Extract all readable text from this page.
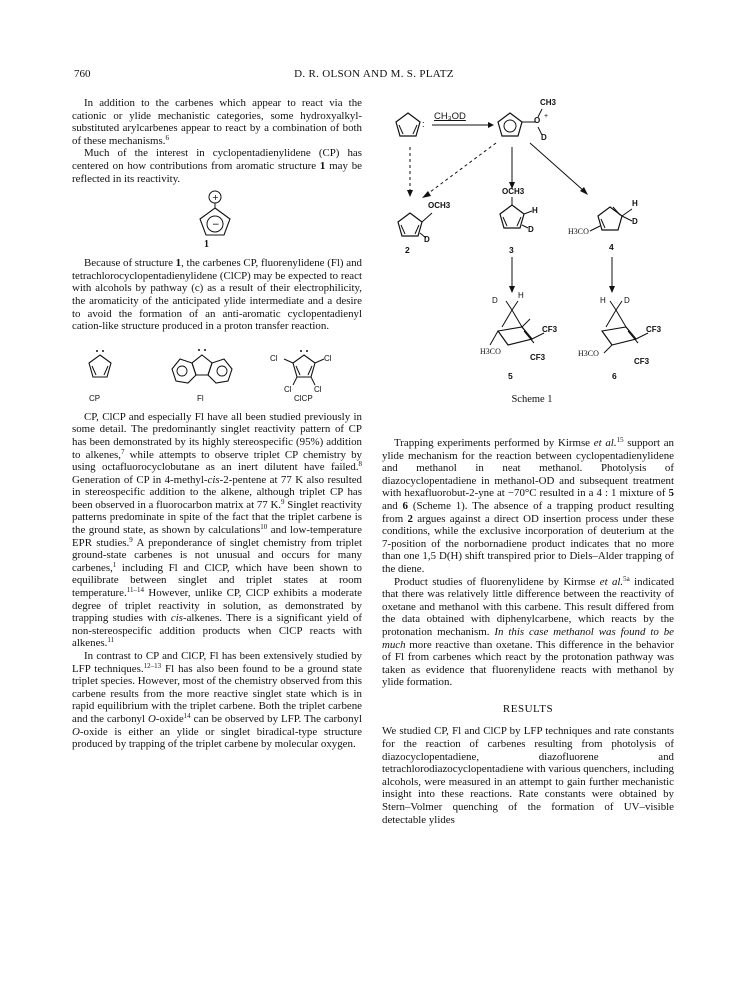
760	D. R. OLSON AND M. S. PLATZ

In addition to the carbenes which appear to react via the cationic or ylide mechanistic categories, some hydroxyalkyl-substituted arylcarbenes appear to react by a combination of both of these mechanisms.$^6$

Much of the interest in cyclopentadienylidene (CP) has centered on how contributions from aromatic structure 1 may be reflected in its reactivity.

+
−
1

Because of structure 1, the carbenes CP, fluorenylidene (Fl) and tetrachlorocyclopentadienylidene (ClCP) may be expected to react with alcohols by pathway (c) as a result of their electrophilicity, the aromaticity of the anticipated ylide intermediate and a desire to avoid the formation of an anti-aromatic cyclopentadienyl cation-like structure produced in a proton transfer reaction.

Cl	Cl
Cl	Cl
CP	Fl	ClCP

CP, ClCP and especially Fl have all been studied previously in some detail. The predominantly singlet reactivity pattern of CP has been demonstrated by its highly stereospecific (95%) addition to alkenes,$^7$ while attempts to observe triplet CP chemistry by using octafluorocyclobutane as an inert dilutent have failed.$^8$ Generation of CP in 4-methyl-cis-2-pentene at 77 K also resulted in stereospecific addition to the alkene, although triplet CP has been observed in a fluorocarbon matrix at 77 K.$^9$ Singlet reactivity patterns predominate in spite of the fact that the triplet carbene is the ground state, as shown by calculations$^{10}$ and low-temperature EPR studies.$^9$ A preponderance of singlet chemistry from triplet ground-state carbenes is not unusual and occurs for many carbenes,$^1$ including Fl and ClCP, which have been shown to equilibrate between singlet and triplet states at room temperature.$^{11-14}$ However, unlike CP, ClCP exhibits a moderate degree of triplet reactivity in solution, as demonstrated by trapping studies with cis-alkenes. There is a significant yield of non-stereospecific addition products when ClCP reacts with alkenes.$^{11}$

In contrast to CP and ClCP, Fl has been extensively studied by LFP techniques.$^{12-13}$ Fl has also been found to be a ground state triplet species. However, most of the chemistry observed from this carbene results from the more reactive singlet state which is in rapid equilibrium with the triplet carbene. Both the triplet carbene and the carbonyl O-oxide$^{14}$ can be observed by LFP. The carbonyl O-oxide is either an ylide or singlet biradical-type structure produced by trapping of the triplet carbene by molecular oxygen.

:
CH₃OD
CH3
O +
D
OCH3
D
OCH3
H
D
H
D
H3CO
D
H
CF3
CF3
H3CO
H D
CF3
CF3
H3CO
2	3	4
5	6
Scheme 1

Trapping experiments performed by Kirmse et al.$^{15}$ support an ylide mechanism for the reaction between cyclopentadienylidene and methanol in neat methanol. Photolysis of diazocyclopentadiene in methanol-OD and subsequent treatment with hexafluorobut-2-yne at −70°C resulted in a 4 : 1 mixture of 5 and 6 (Scheme 1). The absence of a trapping product resulting from 2 argues against a direct OD insertion process under these conditions, while the exclusive incorporation of deuterium at the 7-position of the norbornadiene product indicates that no more than one 1,5 D(H) shift transpired prior to Diels–Alder trapping of the diene.

Product studies of fluorenylidene by Kirmse et al.$^{5a}$ indicated that there was relatively little difference between the reactivity of oxetane and methanol with this carbene. This result differed from the data obtained with diphenylcarbene, which reacts by the protonation mechanism. In this case methanol was found to be much more reactive than oxetane. This difference in the behavior of Fl from carbenes which react by the protonation pathway was taken as evidence that fluorenylidene reacts with methanol by ylide formation.

RESULTS

We studied CP, Fl and ClCP by LFP techniques and rate constants for the reaction of carbenes resulting from photolysis of diazocyclopentadiene, diazofluorene and tetrachlorodiazocyclopentadiene with various quenchers, including alcohols, were measured in an attempt to gain further mechanistic insight into these reactions. Rate constants were obtained by Stern–Volmer quenching of the formation of UV–visible detectable ylides
